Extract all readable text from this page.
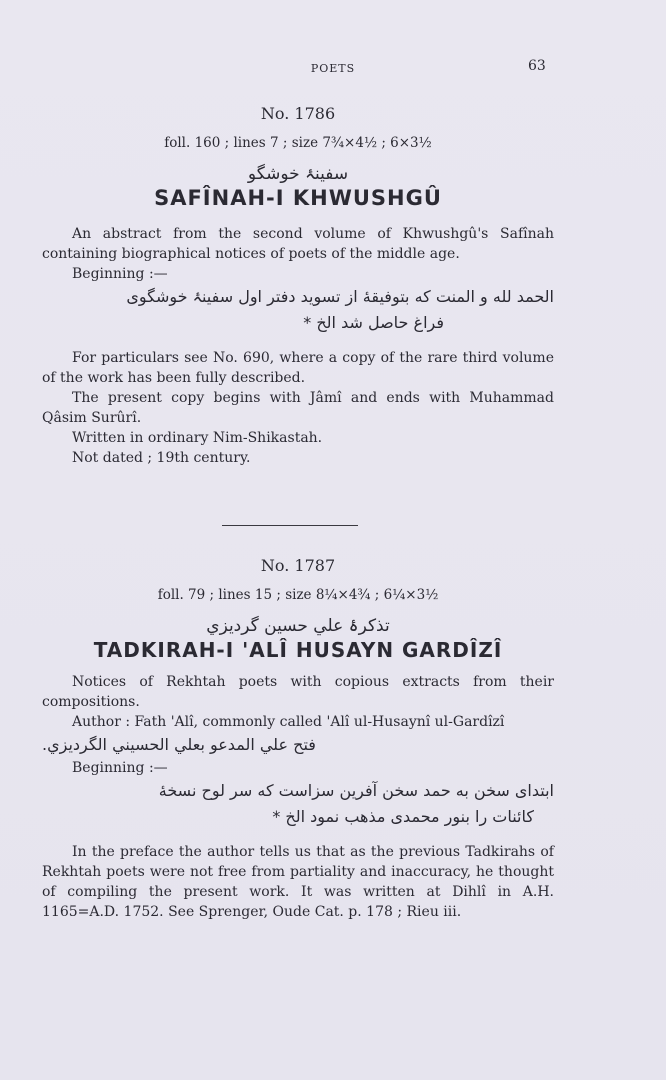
POETS	63
No. 1786
foll. 160 ; lines 7 ; size 7¾×4½ ; 6×3½
سفینۂ خوشگو
SAFÎNAH-I KHWUSHGÛ

An abstract from the second volume of Khwushgû's Safînah containing biographical notices of poets of the middle age.

Beginning :—
الحمد لله و المنت که بتوفیقهٔ از تسوید دفتر اول سفینۂ خوشگوی
فراغ حاصل شد الخ *

For particulars see No. 690, where a copy of the rare third volume of the work has been fully described.

The present copy begins with Jâmî and ends with Muhammad Qâsim Surûrî.

Written in ordinary Nim-Shikastah.

Not dated ; 19th century.

No. 1787
foll. 79 ; lines 15 ; size 8¼×4¾ ; 6¼×3½
تذکرۂ علي حسین گردیزي
TADKIRAH-I 'ALÎ HUSAYN GARDÎZÎ

Notices of Rekhtah poets with copious extracts from their compositions.

Author : Fath 'Alî, commonly called 'Alî ul-Husaynî ul-Gardîzî

فتح علي المدعو بعلي الحسيني الگرديزي.
Beginning :—
ابتدای سخن به حمد سخن آفرین سزاست که سر لوح نسخهٔ
کائنات را بنور محمدی مذهب نمود الخ *

In the preface the author tells us that as the previous Tadkirahs of Rekhtah poets were not free from partiality and inaccuracy, he thought of compiling the present work. It was written at Dihlî in A.H. 1165=A.D. 1752. See Sprenger, Oude Cat. p. 178 ; Rieu iii.
